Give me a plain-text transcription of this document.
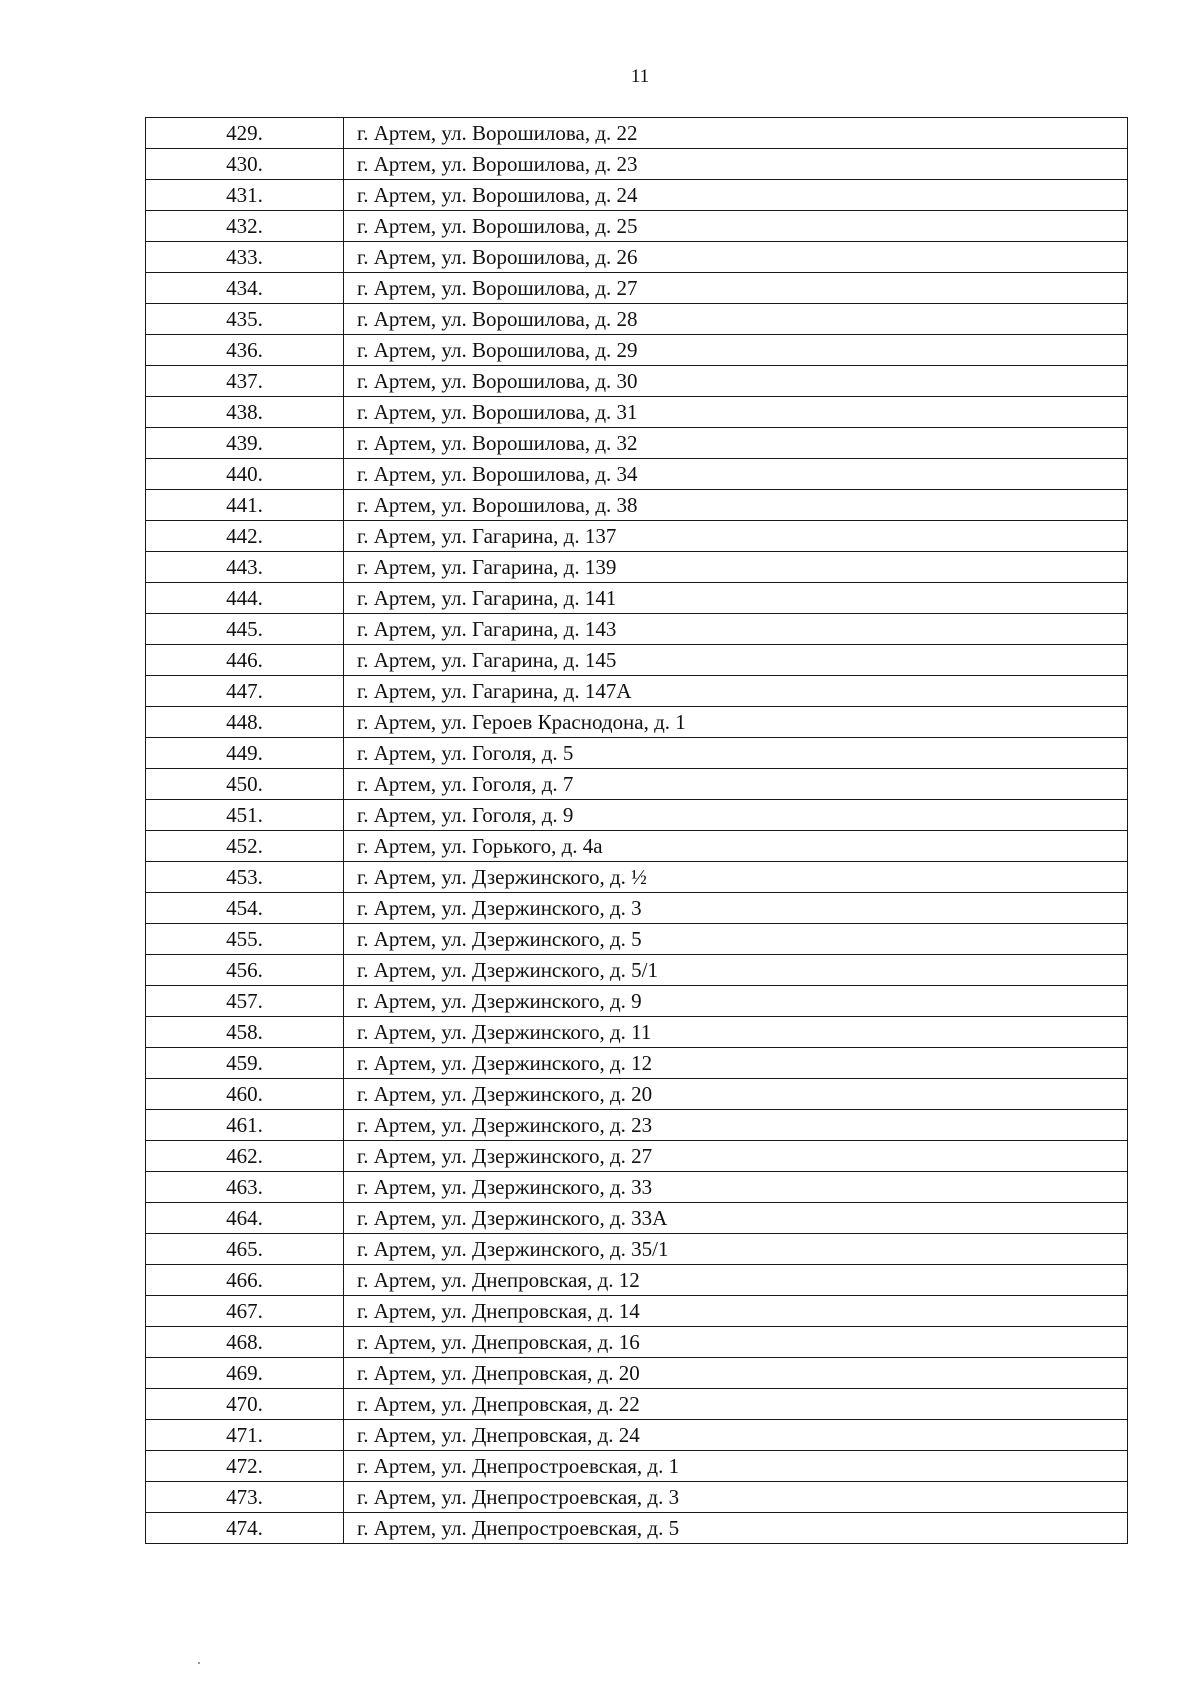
11
429.	г. Артем, ул. Ворошилова, д. 22
430.	г. Артем, ул. Ворошилова, д. 23
431.	г. Артем, ул. Ворошилова, д. 24
432.	г. Артем, ул. Ворошилова, д. 25
433.	г. Артем, ул. Ворошилова, д. 26
434.	г. Артем, ул. Ворошилова, д. 27
435.	г. Артем, ул. Ворошилова, д. 28
436.	г. Артем, ул. Ворошилова, д. 29
437.	г. Артем, ул. Ворошилова, д. 30
438.	г. Артем, ул. Ворошилова, д. 31
439.	г. Артем, ул. Ворошилова, д. 32
440.	г. Артем, ул. Ворошилова, д. 34
441.	г. Артем, ул. Ворошилова, д. 38
442.	г. Артем, ул. Гагарина, д. 137
443.	г. Артем, ул. Гагарина, д. 139
444.	г. Артем, ул. Гагарина, д. 141
445.	г. Артем, ул. Гагарина, д. 143
446.	г. Артем, ул. Гагарина, д. 145
447.	г. Артем, ул. Гагарина, д. 147А
448.	г. Артем, ул. Героев Краснодона, д. 1
449.	г. Артем, ул. Гоголя, д. 5
450.	г. Артем, ул. Гоголя, д. 7
451.	г. Артем, ул. Гоголя, д. 9
452.	г. Артем, ул. Горького, д. 4а
453.	г. Артем, ул. Дзержинского, д. ½
454.	г. Артем, ул. Дзержинского, д. 3
455.	г. Артем, ул. Дзержинского, д. 5
456.	г. Артем, ул. Дзержинского, д. 5/1
457.	г. Артем, ул. Дзержинского, д. 9
458.	г. Артем, ул. Дзержинского, д. 11
459.	г. Артем, ул. Дзержинского, д. 12
460.	г. Артем, ул. Дзержинского, д. 20
461.	г. Артем, ул. Дзержинского, д. 23
462.	г. Артем, ул. Дзержинского, д. 27
463.	г. Артем, ул. Дзержинского, д. 33
464.	г. Артем, ул. Дзержинского, д. 33А
465.	г. Артем, ул. Дзержинского, д. 35/1
466.	г. Артем, ул. Днепровская, д. 12
467.	г. Артем, ул. Днепровская, д. 14
468.	г. Артем, ул. Днепровская, д. 16
469.	г. Артем, ул. Днепровская, д. 20
470.	г. Артем, ул. Днепровская, д. 22
471.	г. Артем, ул. Днепровская, д. 24
472.	г. Артем, ул. Днепростроевская, д. 1
473.	г. Артем, ул. Днепростроевская, д. 3
474.	г. Артем, ул. Днепростроевская, д. 5
